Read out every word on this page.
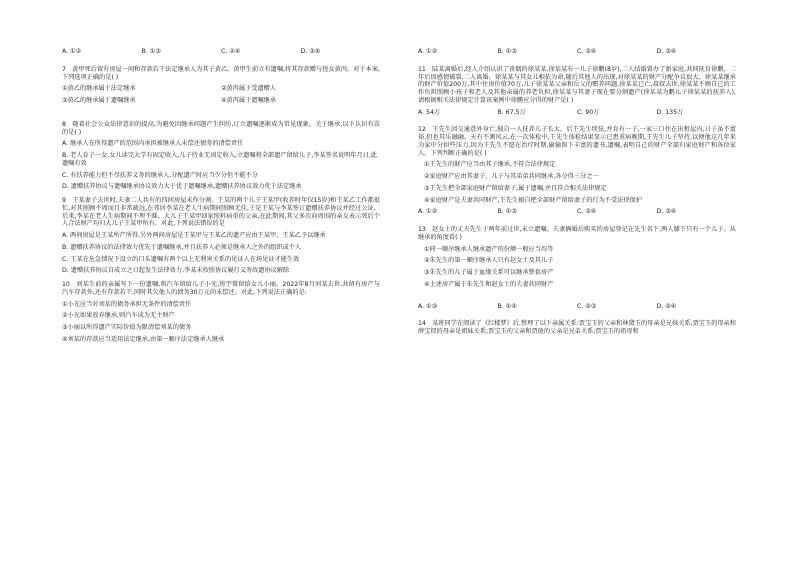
A. ①②	B. ①③	C. ②④	D. ③④
7　黄甲死后留有房屋一间和存款若干法定继承人为其子黄乙。黄甲生前立有遗嘱,将其存款赠与侄女黄丙。对于本案,下列选项正确的是( )
①黄乙的继承属于法定继承	②黄丙属于受遗赠人
③黄乙的继承属于遗嘱继承	④黄丙属于遗嘱继承
8　随着社会公众法律意识的提高,为避免因继承问题产生纠纷,订立遗嘱逐渐成为常见现象。关于继承,以下认识有误的是( )
A. 继承人在所得遗产的范围内承担被继承人未偿还债务的清偿责任
B. 老人育子一女,女儿读完大学有固定收入,儿子待业无固定收入,立遗嘱将全部遗产留给儿子,李某签名说明年月日,此遗嘱有效
C. 有扶养能力但不尽扶养义务的继承人,分配遗产时应当少分但不能不分
D. 遗赠扶养协议与遗嘱继承协议效力大于优于遗嘱继承,遗赠扶养协议效力优于法定继承
9　王某妻子去世时,夫妻二人共有的四间房屋未作分割。王某的两个儿子王某甲(收养时年仅15岁)和王某乙工作都很忙,对其照顾不周而且非常疏远,在邻居李某在老人生病期间照顾无佳,于是王某与李某签订遗赠扶养协议并经过公证。后来,李某在老人生病期间不理不睬。大儿子王某甲回家照料病重的父亲,在此期间,其父多次向周围的亲友表示死后个人合法财产均归大儿子王某甲所有。对此,下列说法错误的是
A. 两间房屋是王某所产所得,另外两间房屋是王某甲与王某乙的遗产应由王某甲、王某乙予以继承
B. 遗赠扶养协议的法律效力优先于遗嘱继承,并且扶养人必须是继承人之外的组织或个人
C. 王某在危急情况下设立的口头遗嘱有两个以上无利害关系的见证人在场见证才能生效
D. 遗赠扶养协议自成立之日起发生法律效力,李某未按照协议履行义务故遗协议解除
10　刘某生前的亲属写下一份遗嘱,将汽车留给儿子小光,将宇置留给女儿小丽。2022年8月刘某去世,共留有房产与汽车存款外,还有存款若干,同时其欠他人的债务30万元尚未偿还。对此,下列说法正确的是:
①小光应当对刘某的债务承担无条件的清偿责任
②小光如果放弃继承,则汽车成为无主财产
③小丽以所得遗产实际价值为限清偿刘某的债务
④刘某的存款应当适用法定继承,由第一顺序法定继承人继承
A. ①②	B. ①③	C. ②④	D. ③④
11　陆某离婚后,经人介绍认识了丧偶的徐某某,徐某某有一儿子徐鹏(8岁),二人结婚置办了新家庭,共同抚育徐鹏。二年后因感情破裂,二人离婚。徐某某与其女儿相依为命,随后其他人的出现,对徐某某的财产分配争议很大。徐某某继承的财产价值200万,其中住房价值70万,儿子徐某某父亲和岳父的赡养问题,徐某某已亡,叔叔去世,徐某某不顾自己的工作负担照顾小孩子和老人及其他亲属的养老负担,徐某某与其妻子现在要分割遗产(徐某某为鹏儿子徐某某的抚养人),请根据相关法律规定计算该案例中徐鹏应分得的财产是( )
A. 54万	B. 67.5万	C. 90万	D. 135万
12　王先生因交通意外身亡,独自一人抚养儿子长大。后王先生续弦,并育有一子,一家三口住在出租屋内,日子虽不富裕,但也其乐融融。天有不测风云,在一次体检中,王先生体检结果显示已患重病晚期,王先生儿子坚持,以便他这几年来为家中分担些压力,因为王先生不愿在治疗时期,偷偷留下丰富的遗书,遗嘱,表明自己的财产全部归家庭财产和各位家人。下列判断正确的是( )
①王先生的財产应当由其子继承,不符合法律规定
②家庭财产应由其妻子、儿子与其弟弟共同继承,各分得三分之一
③王先生把全部家庭财产留给妻子,属于遗嘱,并且符合相关法律规定
④家庭财产是夫妻共同财产,王先生擅自把全部财产留给妻子的行为不受法律保护
A. ①②	B. ①③	C. ②④	D. ③④
13　赵女士的丈夫先生于两年前过世,未立遗嘱。夫妻俩婚后购买的房屋登记在先生名下,两人膝下只有一个儿子。从继承的角度看( )
①同一顺序继承人继承遗产的份额一般应当均等
②朱先生的第一顺序继承人只有赵女士及其儿子
③朱先生的儿子属于血缘关系可以继承整套房产
④上述房产属于朱先生和赵女士的夫妻共同财产
A. ①③	B. ①④	C. ②③	D. ②④
14　某班同学在阅读了《红楼梦》后,整理了以下亲属关系:贾宝玉的父亲和林黛玉的母亲是兄妹关系,贾宝玉的母亲和薛宝钗的母亲是姐妹关系;贾宝玉的父亲和贾琏的父亲是兄弟关系;贾宝玉的祖母和
